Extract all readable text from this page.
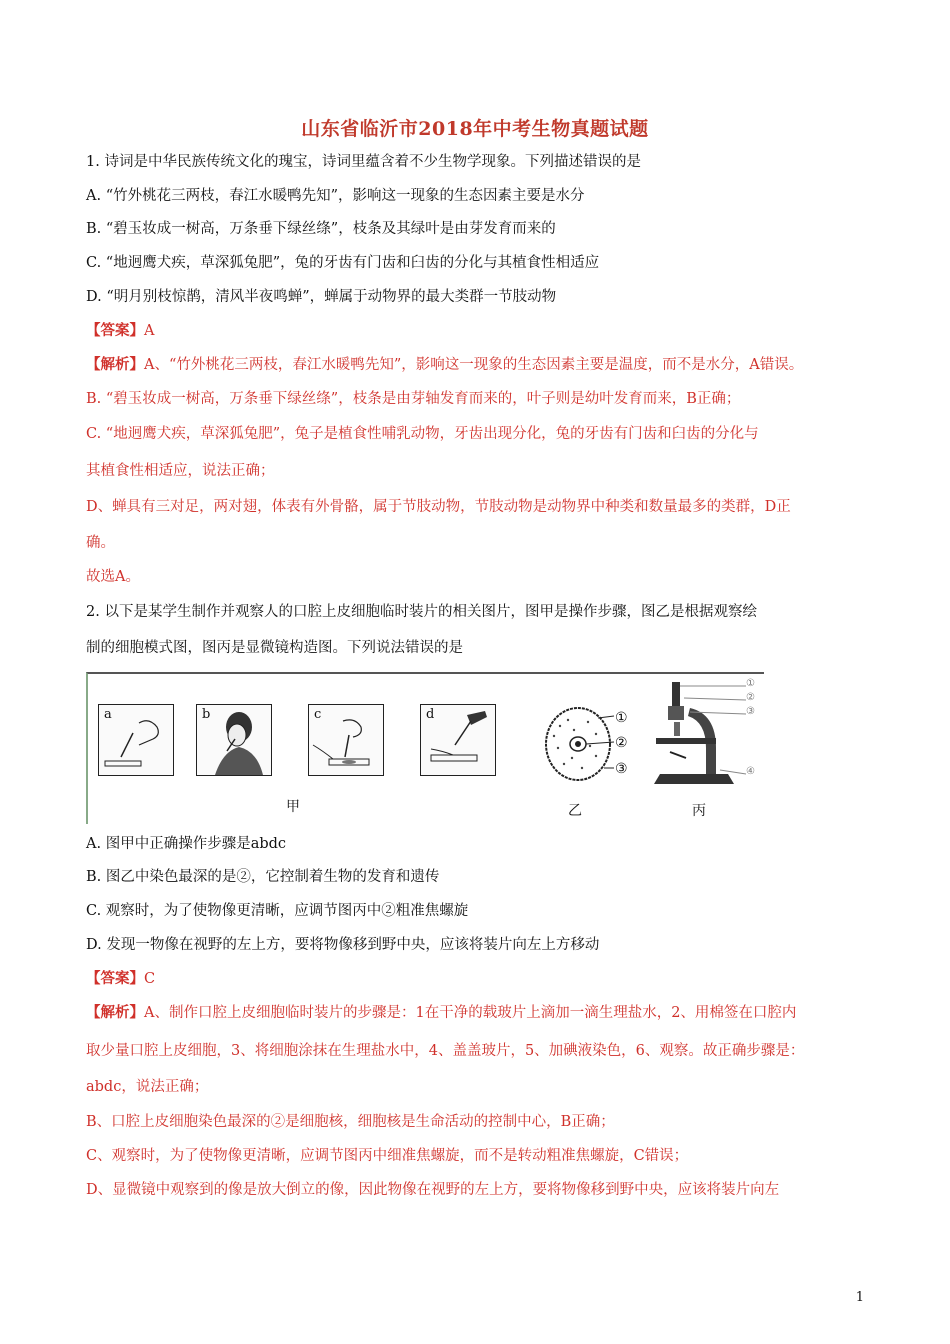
山东省临沂市2018年中考生物真题试题
1. 诗词是中华民族传统文化的瑰宝，诗词里蕴含着不少生物学现象。下列描述错误的是
A. “竹外桃花三两枝，春江水暖鸭先知”，影响这一现象的生态因素主要是水分
B. “碧玉妆成一树高，万条垂下绿丝绦”，枝条及其绿叶是由芽发育而来的
C. “地迥鹰犬疾，草深狐兔肥”，兔的牙齿有门齿和臼齿的分化与其植食性相适应
D. “明月别枝惊鹊，清风半夜鸣蝉”，蝉属于动物界的最大类群一节肢动物
【答案】A
【解析】A、“竹外桃花三两枝，春江水暖鸭先知”，影响这一现象的生态因素主要是温度，而不是水分，A错误。
B. “碧玉妆成一树高，万条垂下绿丝绦”，枝条是由芽轴发育而来的，叶子则是幼叶发育而来，B正确；
C. “地迥鹰犬疾，草深狐兔肥”，兔子是植食性哺乳动物，牙齿出现分化，兔的牙齿有门齿和臼齿的分化与
其植食性相适应，说法正确；
D、蝉具有三对足，两对翅，体表有外骨骼，属于节肢动物，节肢动物是动物界中种类和数量最多的类群，D正
确。
故选A。
2. 以下是某学生制作并观察人的口腔上皮细胞临时装片的相关图片，图甲是操作步骤，图乙是根据观察绘
制的细胞模式图，图丙是显微镜构造图。下列说法错误的是
a	b	c	d
甲
①
②
③
乙
①
②
③
④
丙
A. 图甲中正确操作步骤是abdc
B. 图乙中染色最深的是②，它控制着生物的发育和遗传
C. 观察时，为了使物像更清晰，应调节图丙中②粗准焦螺旋
D. 发现一物像在视野的左上方，要将物像移到野中央，应该将装片向左上方移动
【答案】C
【解析】A、制作口腔上皮细胞临时装片的步骤是：1在干净的载玻片上滴加一滴生理盐水，2、用棉签在口腔内
取少量口腔上皮细胞，3、将细胞涂抹在生理盐水中，4、盖盖玻片，5、加碘液染色，6、观察。故正确步骤是：
abdc，说法正确；
B、口腔上皮细胞染色最深的②是细胞核，细胞核是生命活动的控制中心，B正确；
C、观察时，为了使物像更清晰，应调节图丙中细准焦螺旋，而不是转动粗准焦螺旋，C错误；
D、显微镜中观察到的像是放大倒立的像，因此物像在视野的左上方，要将物像移到野中央，应该将装片向左
1
